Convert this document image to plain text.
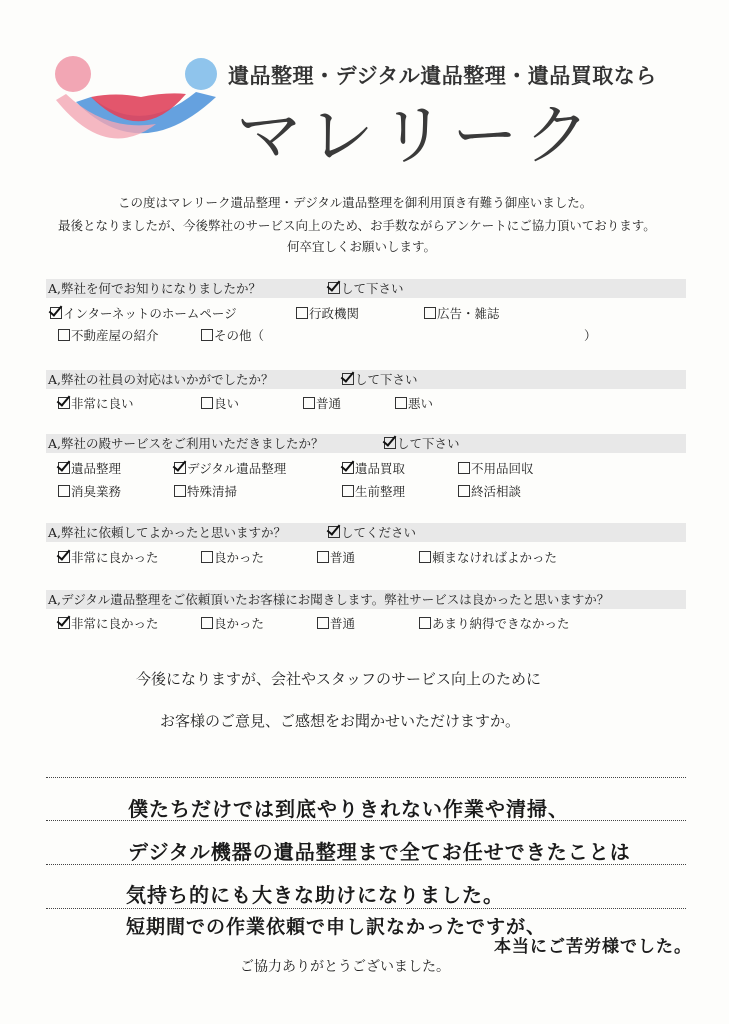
遺品整理・デジタル遺品整理・遺品買取なら
マレリーク
この度はマレリーク遺品整理・デジタル遺品整理を御利用頂き有難う御座いました。
最後となりましたが、今後弊社のサービス向上のため、お手数ながらアンケートにご協力頂いております。
何卒宜しくお願いします。
A,弊社を何でお知りになりましたか？	して下さい
インターネットのホームページ	行政機関	広告・雑誌
不動産屋の紹介	その他（	）
A,弊社の社員の対応はいかがでしたか？	して下さい
非常に良い	良い	普通	悪い
A,弊社の殿サービスをご利用いただきましたか？	して下さい
遺品整理	デジタル遺品整理	遺品買取	不用品回収
消臭業務	特殊清掃	生前整理	終活相談
A,弊社に依頼してよかったと思いますか？	してください
非常に良かった	良かった	普通	頼まなければよかった
A,デジタル遺品整理をご依頼頂いたお客様にお聞きします。弊社サービスは良かったと思いますか？
非常に良かった	良かった	普通	あまり納得できなかった
今後になりますが、会社やスタッフのサービス向上のために
お客様のご意見、ご感想をお聞かせいただけますか。
僕たちだけでは到底やりきれない作業や清掃、
デジタル機器の遺品整理まで全てお任せできたことは
気持ち的にも大きな助けになりました。
短期間での作業依頼で申し訳なかったですが、
本当にご苦労様でした。
ご協力ありがとうございました。
